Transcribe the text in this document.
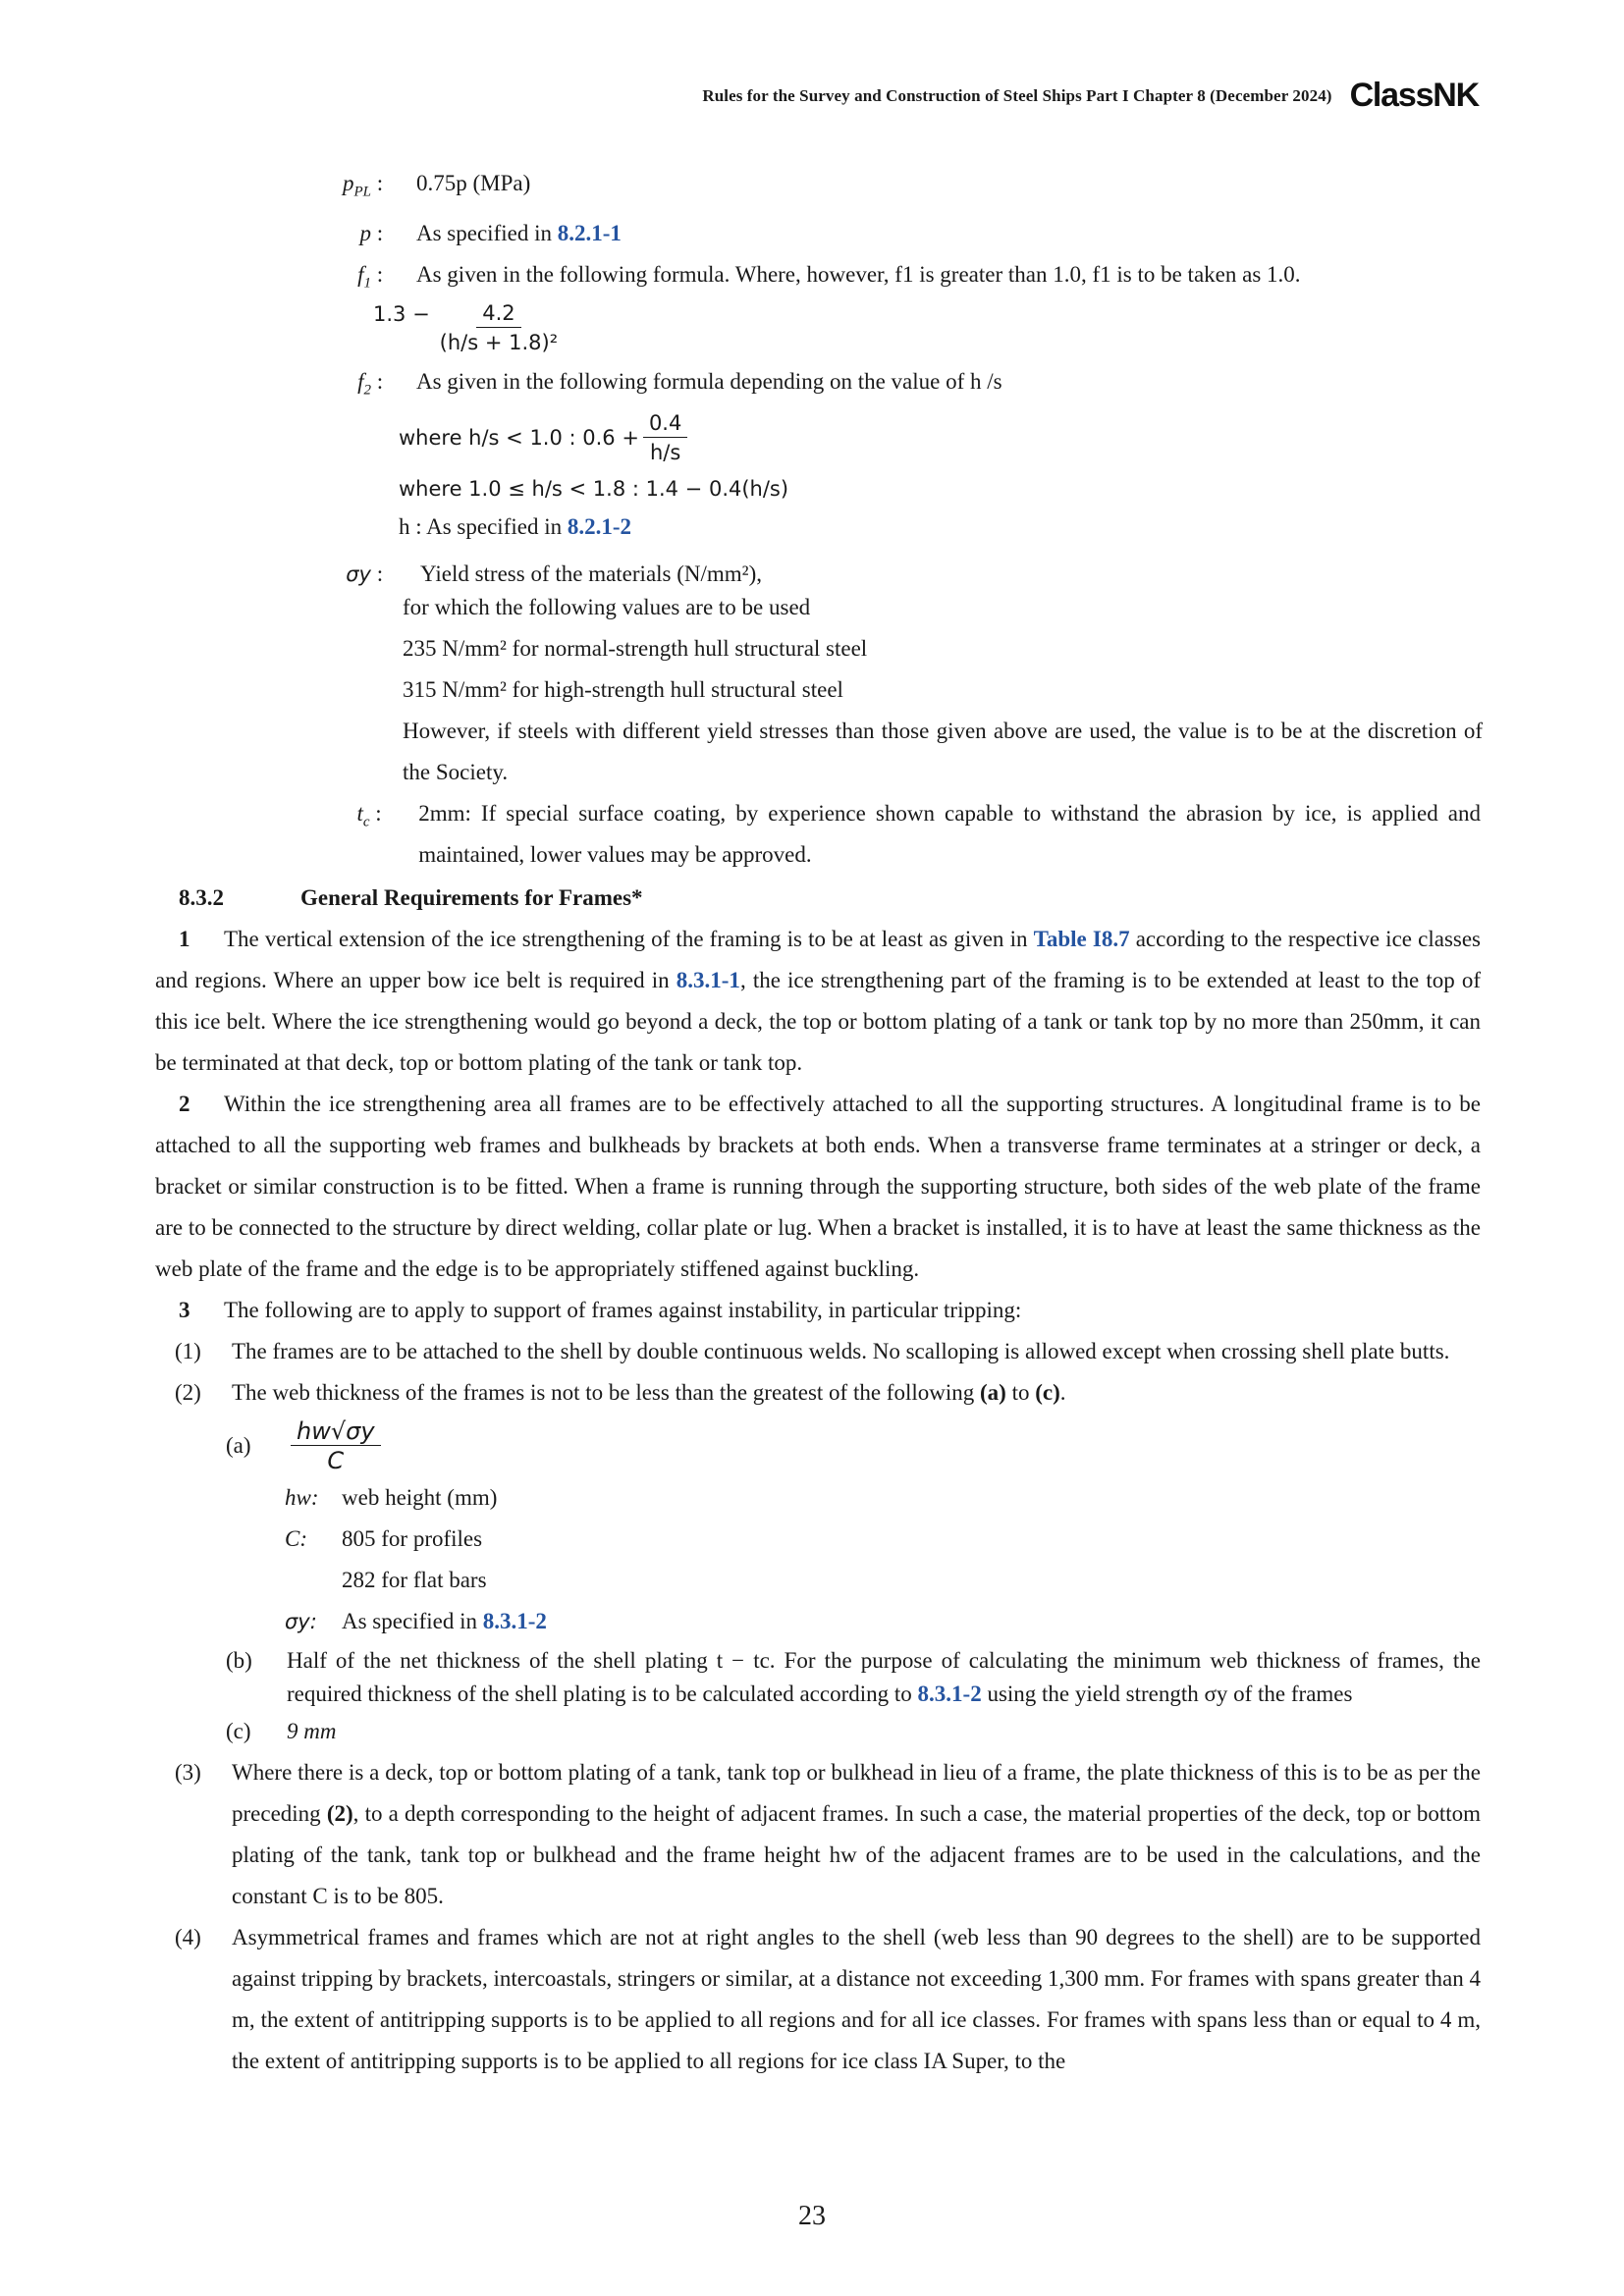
Rules for the Survey and Construction of Steel Ships Part I Chapter 8 (December 2024) ClassNK
$p_{PL}$ :	0.75p (MPa)
p :	As specified in 8.2.1-1
$f_1$ :	As given in the following formula. Where, however, f1 is greater than 1.0, f1 is to be taken as 1.0.
$1.3 - \frac{4.2}{\text{(h/s + 1.8)²}}$
$f_2$ :	As given in the following formula depending on the value of h /s
where h/s < 1.0 : $0.6 + \frac{0.4}{h/s}$
where 1.0 ≤ h/s < 1.8 : 1.4 − 0.4(h/s)
h : As specified in 8.2.1-2
σy :	Yield stress of the materials (N/mm²),
for which the following values are to be used
235 N/mm² for normal-strength hull structural steel
315 N/mm² for high-strength hull structural steel
However, if steels with different yield stresses than those given above are used, the value is to be at the discretion of the Society.
$t_c$ :	2mm: If special surface coating, by experience shown capable to withstand the abrasion by ice, is applied and maintained, lower values may be approved.
8.3.2	General Requirements for Frames*

1 The vertical extension of the ice strengthening of the framing is to be at least as given in Table I8.7 according to the respective ice classes and regions. Where an upper bow ice belt is required in 8.3.1-1, the ice strengthening part of the framing is to be extended at least to the top of this ice belt. Where the ice strengthening would go beyond a deck, the top or bottom plating of a tank or tank top by no more than 250mm, it can be terminated at that deck, top or bottom plating of the tank or tank top.

2 Within the ice strengthening area all frames are to be effectively attached to all the supporting structures. A longitudinal frame is to be attached to all the supporting web frames and bulkheads by brackets at both ends. When a transverse frame terminates at a stringer or deck, a bracket or similar construction is to be fitted. When a frame is running through the supporting structure, both sides of the web plate of the frame are to be connected to the structure by direct welding, collar plate or lug. When a bracket is installed, it is to have at least the same thickness as the web plate of the frame and the edge is to be appropriately stiffened against buckling.

3 The following are to apply to support of frames against instability, in particular tripping:

(1)	The frames are to be attached to the shell by double continuous welds. No scalloping is allowed except when crossing shell plate butts.
(2)	The web thickness of the frames is not to be less than the greatest of the following (a) to (c).
(a)	$\frac{hw√\sigma y}{C}$
hw:	web height (mm)
C:	805 for profiles
282 for flat bars
σy:	As specified in 8.3.1-2
(b)	Half of the net thickness of the shell plating t − tc. For the purpose of calculating the minimum web thickness of frames, the required thickness of the shell plating is to be calculated according to 8.3.1-2 using the yield strength σy of the frames
(c)	9 mm
(3)	Where there is a deck, top or bottom plating of a tank, tank top or bulkhead in lieu of a frame, the plate thickness of this is to be as per the preceding (2), to a depth corresponding to the height of adjacent frames. In such a case, the material properties of the deck, top or bottom plating of the tank, tank top or bulkhead and the frame height hw of the adjacent frames are to be used in the calculations, and the constant C is to be 805.
(4)	Asymmetrical frames and frames which are not at right angles to the shell (web less than 90 degrees to the shell) are to be supported against tripping by brackets, intercoastals, stringers or similar, at a distance not exceeding 1,300 mm. For frames with spans greater than 4 m, the extent of antitripping supports is to be applied to all regions and for all ice classes. For frames with spans less than or equal to 4 m, the extent of antitripping supports is to be applied to all regions for ice class IA Super, to the
23
